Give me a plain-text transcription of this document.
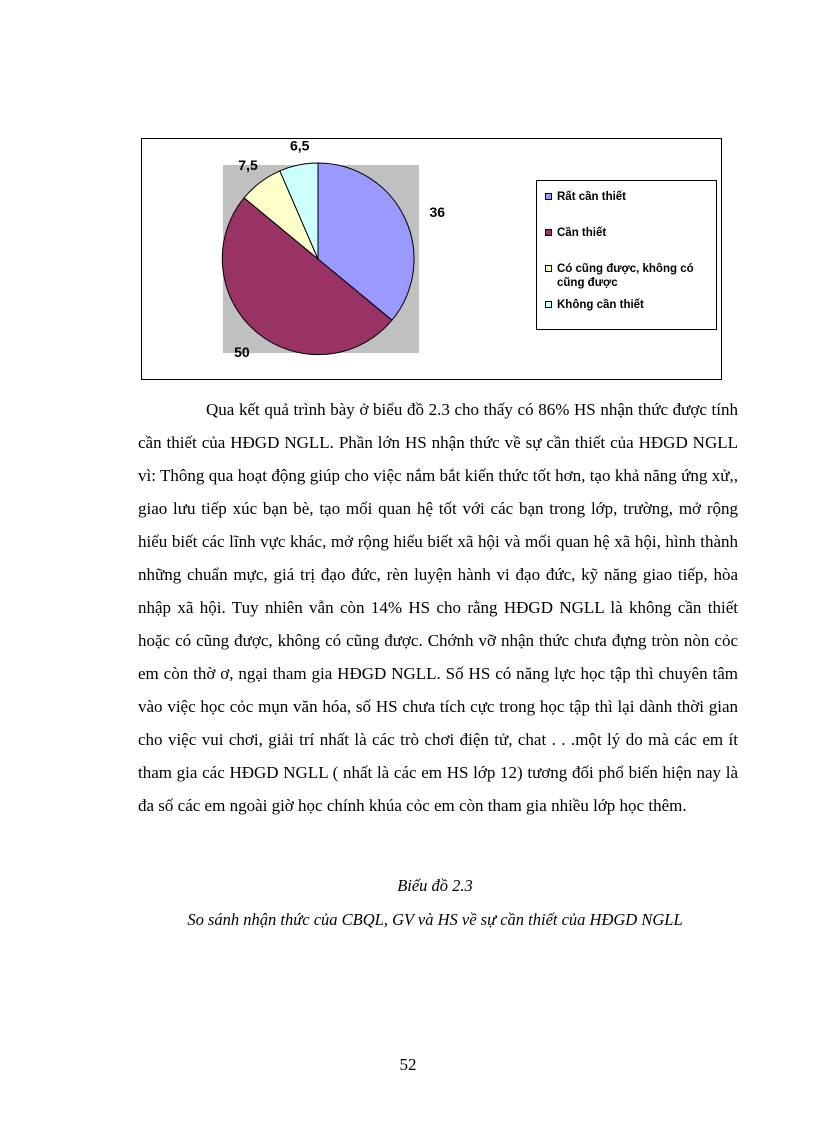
36
50
7,5
6,5
Rất cần thiết
Cần thiết
Có cũng được, không có cũng được
Không cần thiết

Qua kết quả trình bày ở biểu đồ 2.3 cho thấy có 86% HS nhận thức được tính cần thiết của HĐGD NGLL. Phần lớn HS nhận thức về sự cần thiết của HĐGD NGLL vì: Thông qua hoạt động giúp cho việc nắm bắt kiến thức tốt hơn, tạo khả năng ứng xử,, giao lưu tiếp xúc bạn bè, tạo mối quan hệ tốt với các bạn trong lớp, trường, mở rộng hiểu biết các lĩnh vực khác, mở rộng hiểu biết xã hội và mối quan hệ xã hội, hình thành những chuẩn mực, giá trị đạo đức, rèn luyện hành vi đạo đức, kỹ năng giao tiếp, hòa nhập xã hội. Tuy nhiên vẫn còn 14% HS cho rằng HĐGD NGLL là không cần thiết hoặc có cũng được, không có cũng được. Chớnh vỡ nhận thức chưa đựng tròn nòn cỏc em còn thờ ơ, ngại tham gia HĐGD NGLL. Số HS có năng lực học tập thì chuyên tâm vào việc học cỏc mụn văn hóa, số HS chưa tích cực trong học tập thì lại dành thời gian cho việc vui chơi, giải trí nhất là các trò chơi điện tử, chat . . .một lý do mà các em ít tham gia các HĐGD NGLL ( nhất là các em HS lớp 12) tương đối phổ biến hiện nay là đa số các em ngoài giờ học chính khúa cỏc em còn tham gia nhiều lớp học thêm.

Biểu đồ 2.3
So sánh nhận thức của CBQL, GV và HS về sự cần thiết của HĐGD NGLL
52
